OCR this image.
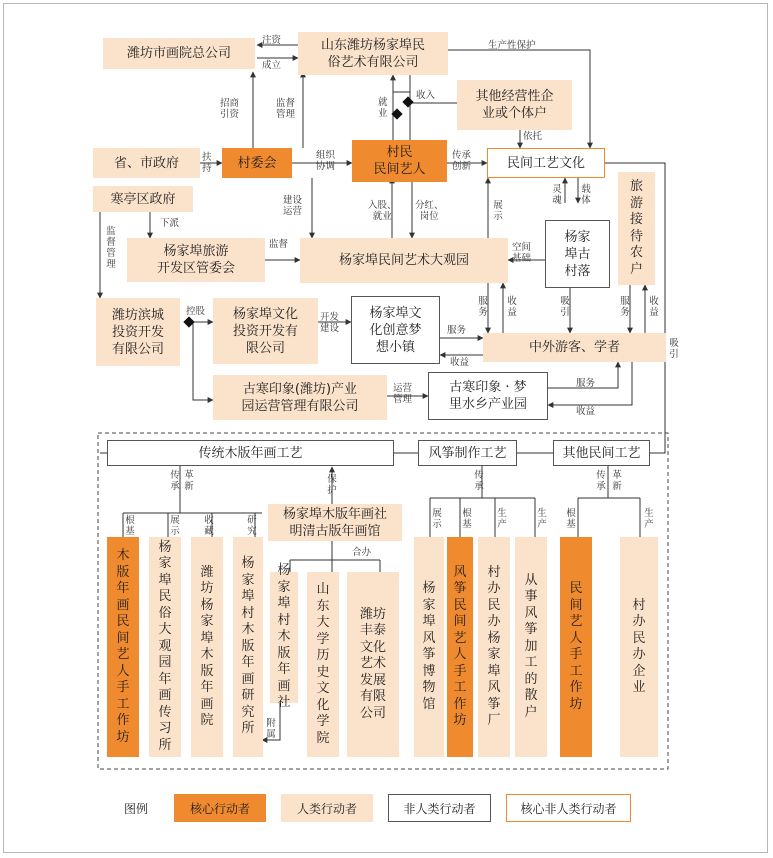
潍坊市画院总公司
山东潍坊杨家埠民
俗艺术有限公司
其他经营性企
业或个体户
省、市政府	村委会
村民
民间艺人	民间工艺文化
旅游接待农户
寒亭区政府
杨家埠旅游
开发区管委会
杨家埠民间艺术大观园
杨家
埠古
村落
潍坊滨城
投资开发
有限公司
杨家埠文化
投资开发有
限公司
杨家埠文
化创意梦
想小镇	中外游客、学者
古寒印象(潍坊)产业
园运营管理有限公司
古寒印象 · 梦
里水乡产业园
传统木版年画工艺	风筝制作工艺	其他民间工艺
杨家埠木版年画社
明清古版年画馆
木版年画民间艺人手工作坊
杨家埠民俗大观园年画传习所
潍坊杨家埠木版年画院
杨家埠村木版年画研究所
杨家埠村木版年画社
山东大学历史文化学院
潍坊丰泰文化艺术发展有限公司
杨家埠风筝博物馆
风筝民间艺人手工作坊
村办民办杨家埠风筝厂
从事风筝加工的散户
民间艺人手工作坊
村办民办企业
注资
成立
生产性保护
招商
引资
监督
管理
就
业
收入
依托
扶
持
组织
协调
传承
创新
建设
运营
入股、
就业
分红、
岗位
展示
灵魂
载体
下派
监督 管理
监督	空间
基础
服务
收益
吸引
服务
收益
控股
开发
建设	服务
收益
吸 引
运营
管理
服务
收益
传承
革新
保护
根基
展示
收藏
研究
合办
附属
传承
展示
根基
生产
生产
传承
革新
根基
生产
图例	核心行动者	人类行动者	非人类行动者	核心非人类行动者
